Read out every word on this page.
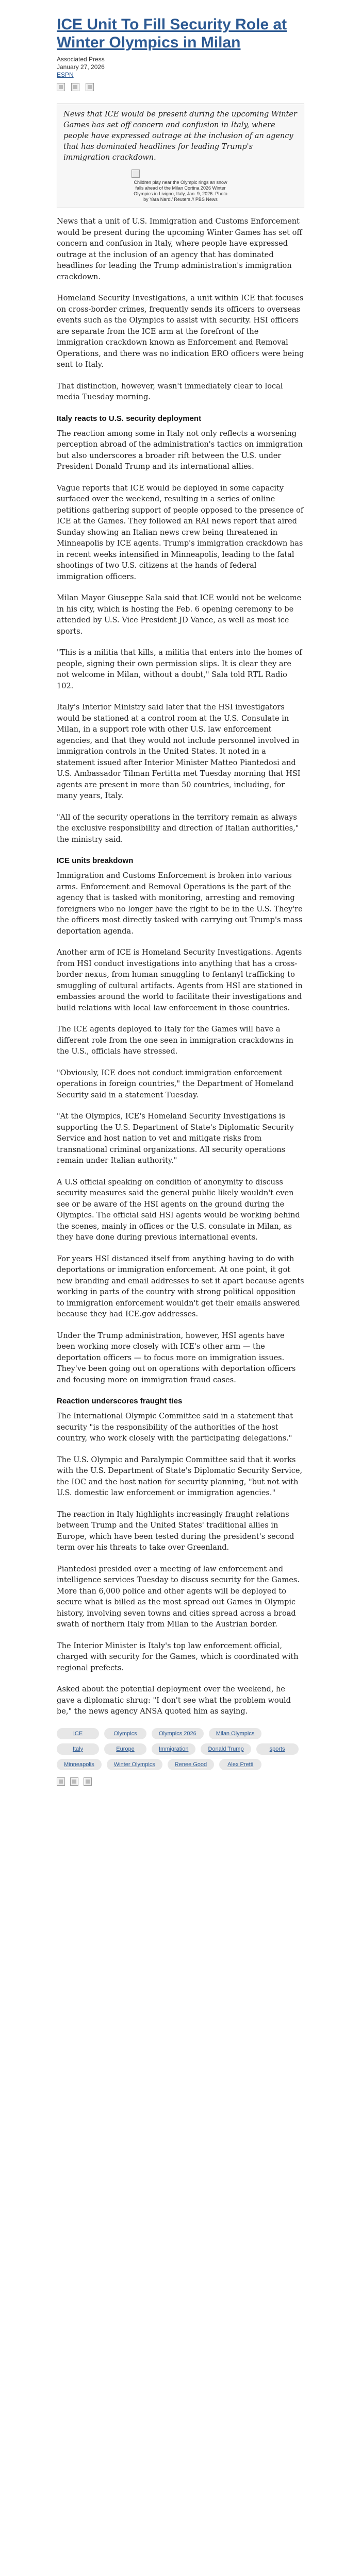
ICE Unit To Fill Security Role at Winter Olympics in Milan
Associated Press
January 27, 2026
ESPN
News that ICE would be present during the upcoming Winter Games has set off concern and confusion in Italy, where people have expressed outrage at the inclusion of an agency that has dominated headlines for leading Trump's immigration crackdown.
Children play near the Olympic rings an snow falls ahead of the Milan Cortina 2026 Winter Olympics in Livigno, Italy, Jan. 9, 2026. Photo by Yara Nardi/ Reuters // PBS News

News that a unit of U.S. Immigration and Customs Enforcement would be present during the upcoming Winter Games has set off concern and confusion in Italy, where people have expressed outrage at the inclusion of an agency that has dominated headlines for leading the Trump administration's immigration crackdown.

Homeland Security Investigations, a unit within ICE that focuses on cross-border crimes, frequently sends its officers to overseas events such as the Olympics to assist with security. HSI officers are separate from the ICE arm at the forefront of the immigration crackdown known as Enforcement and Removal Operations, and there was no indication ERO officers were being sent to Italy.

That distinction, however, wasn't immediately clear to local media Tuesday morning.

Italy reacts to U.S. security deployment

The reaction among some in Italy not only reflects a worsening perception abroad of the administration's tactics on immigration but also underscores a broader rift between the U.S. under President Donald Trump and its international allies.

Vague reports that ICE would be deployed in some capacity surfaced over the weekend, resulting in a series of online petitions gathering support of people opposed to the presence of ICE at the Games. They followed an RAI news report that aired Sunday showing an Italian news crew being threatened in Minneapolis by ICE agents. Trump's immigration crackdown has in recent weeks intensified in Minneapolis, leading to the fatal shootings of two U.S. citizens at the hands of federal immigration officers.

Milan Mayor Giuseppe Sala said that ICE would not be welcome in his city, which is hosting the Feb. 6 opening ceremony to be attended by U.S. Vice President JD Vance, as well as most ice sports.

"This is a militia that kills, a militia that enters into the homes of people, signing their own permission slips. It is clear they are not welcome in Milan, without a doubt," Sala told RTL Radio 102.

Italy's Interior Ministry said later that the HSI investigators would be stationed at a control room at the U.S. Consulate in Milan, in a support role with other U.S. law enforcement agencies, and that they would not include personnel involved in immigration controls in the United States. It noted in a statement issued after Interior Minister Matteo Piantedosi and U.S. Ambassador Tilman Fertitta met Tuesday morning that HSI agents are present in more than 50 countries, including, for many years, Italy.

"All of the security operations in the territory remain as always the exclusive responsibility and direction of Italian authorities," the ministry said.

ICE units breakdown

Immigration and Customs Enforcement is broken into various arms. Enforcement and Removal Operations is the part of the agency that is tasked with monitoring, arresting and removing foreigners who no longer have the right to be in the U.S. They're the officers most directly tasked with carrying out Trump's mass deportation agenda.

Another arm of ICE is Homeland Security Investigations. Agents from HSI conduct investigations into anything that has a cross-border nexus, from human smuggling to fentanyl trafficking to smuggling of cultural artifacts. Agents from HSI are stationed in embassies around the world to facilitate their investigations and build relations with local law enforcement in those countries.

The ICE agents deployed to Italy for the Games will have a different role from the one seen in immigration crackdowns in the U.S., officials have stressed.

"Obviously, ICE does not conduct immigration enforcement operations in foreign countries," the Department of Homeland Security said in a statement Tuesday.

"At the Olympics, ICE's Homeland Security Investigations is supporting the U.S. Department of State's Diplomatic Security Service and host nation to vet and mitigate risks from transnational criminal organizations. All security operations remain under Italian authority."

A U.S official speaking on condition of anonymity to discuss security measures said the general public likely wouldn't even see or be aware of the HSI agents on the ground during the Olympics. The official said HSI agents would be working behind the scenes, mainly in offices or the U.S. consulate in Milan, as they have done during previous international events.

For years HSI distanced itself from anything having to do with deportations or immigration enforcement. At one point, it got new branding and email addresses to set it apart because agents working in parts of the country with strong political opposition to immigration enforcement wouldn't get their emails answered because they had ICE.gov addresses.

Under the Trump administration, however, HSI agents have been working more closely with ICE's other arm — the deportation officers — to focus more on immigration issues. They've been going out on operations with deportation officers and focusing more on immigration fraud cases.

Reaction underscores fraught ties

The International Olympic Committee said in a statement that security "is the responsibility of the authorities of the host country, who work closely with the participating delegations."

The U.S. Olympic and Paralympic Committee said that it works with the U.S. Department of State's Diplomatic Security Service, the IOC and the host nation for security planning, "but not with U.S. domestic law enforcement or immigration agencies."

The reaction in Italy highlights increasingly fraught relations between Trump and the United States' traditional allies in Europe, which have been tested during the president's second term over his threats to take over Greenland.

Piantedosi presided over a meeting of law enforcement and intelligence services Tuesday to discuss security for the Games. More than 6,000 police and other agents will be deployed to secure what is billed as the most spread out Games in Olympic history, involving seven towns and cities spread across a broad swath of northern Italy from Milan to the Austrian border.

The Interior Minister is Italy's top law enforcement official, charged with security for the Games, which is coordinated with regional prefects.

Asked about the potential deployment over the weekend, he gave a diplomatic shrug: "I don't see what the problem would be," the news agency ANSA quoted him as saying.

ICE	Olympics	Olympics 2026	Milan Olympics
Italy	Europe	Immigration	Donald Trump	sports
Minneapolis	Winter Olympics	Renee Good	Alex Pretti
